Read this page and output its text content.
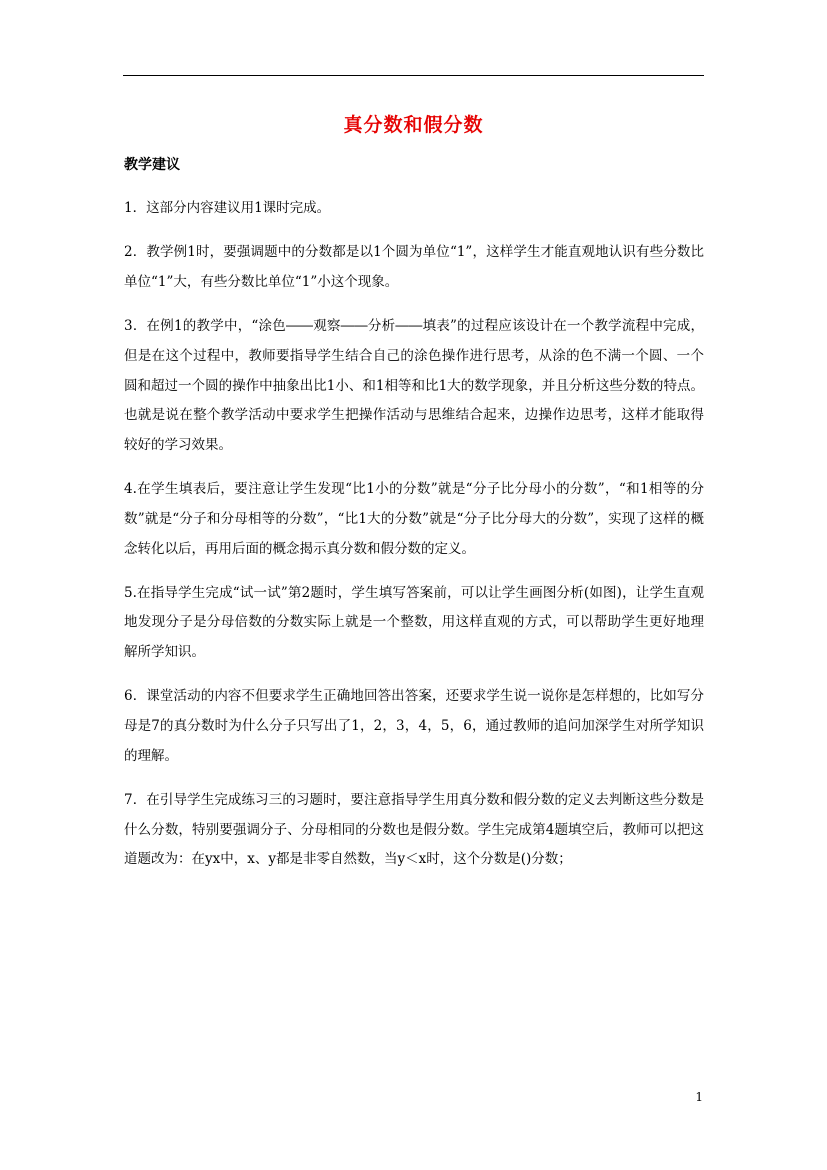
真分数和假分数
教学建议

1．这部分内容建议用1课时完成。

2．教学例1时，要强调题中的分数都是以1个圆为单位“1”，这样学生才能直观地认识有些分数比单位“1”大，有些分数比单位“1”小这个现象。

3．在例1的教学中，“涂色――观察――分析――填表”的过程应该设计在一个教学流程中完成，但是在这个过程中，教师要指导学生结合自己的涂色操作进行思考，从涂的色不满一个圆、一个圆和超过一个圆的操作中抽象出比1小、和1相等和比1大的数学现象，并且分析这些分数的特点。也就是说在整个教学活动中要求学生把操作活动与思维结合起来，边操作边思考，这样才能取得较好的学习效果。

4.在学生填表后，要注意让学生发现“比1小的分数”就是“分子比分母小的分数”，“和1相等的分数”就是“分子和分母相等的分数”，“比1大的分数”就是“分子比分母大的分数”，实现了这样的概念转化以后，再用后面的概念揭示真分数和假分数的定义。

5.在指导学生完成“试一试”第2题时，学生填写答案前，可以让学生画图分析(如图)，让学生直观地发现分子是分母倍数的分数实际上就是一个整数，用这样直观的方式，可以帮助学生更好地理解所学知识。

6．课堂活动的内容不但要求学生正确地回答出答案，还要求学生说一说你是怎样想的，比如写分母是7的真分数时为什么分子只写出了1，2，3，4，5，6，通过教师的追问加深学生对所学知识的理解。

7．在引导学生完成练习三的习题时，要注意指导学生用真分数和假分数的定义去判断这些分数是什么分数，特别要强调分子、分母相同的分数也是假分数。学生完成第4题填空后，教师可以把这道题改为：在yx中，x、y都是非零自然数，当y＜x时，这个分数是()分数；

1
